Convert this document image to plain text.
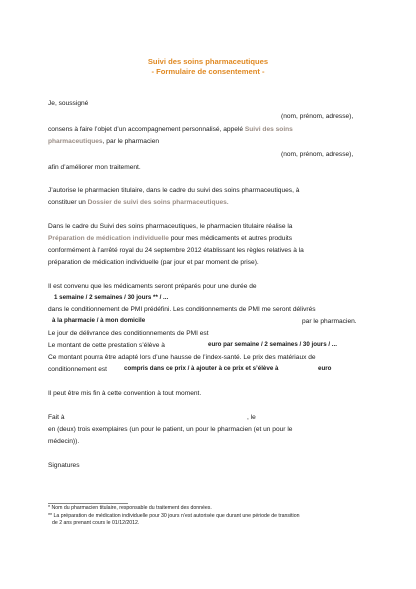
Suivi des soins pharmaceutiques
- Formulaire de consentement -
Je, soussigné
(nom, prénom, adresse),
consens à faire l’objet d’un accompagnement personnalisé, appelé Suivi des soins
pharmaceutiques, par le pharmacien
(nom, prénom, adresse),
afin d’améliorer mon traitement.
J’autorise le pharmacien titulaire, dans le cadre du suivi des soins pharmaceutiques, à
constituer un Dossier de suivi des soins pharmaceutiques.
Dans le cadre du Suivi des soins pharmaceutiques, le pharmacien titulaire réalise la
Préparation de médication individuelle pour mes médicaments et autres produits
conformément à l’arrêté royal du 24 septembre 2012 établissant les règles relatives à la
préparation de médication individuelle (par jour et par moment de prise).
Il est convenu que les médicaments seront préparés pour une durée de
1 semaine / 2 semaines / 30 jours ** / ...
dans le conditionnement de PMI prédéfini. Les conditionnements de PMI me seront délivrés
à la pharmacie / à mon domicile	par le pharmacien.
Le jour de délivrance des conditionnements de PMI est
Le montant de cette prestation s’élève à	euro par semaine / 2 semaines / 30 jours / ...
Ce montant pourra être adapté lors d’une hausse de l’index-santé. Le prix des matériaux de
conditionnement est	compris dans ce prix / à ajouter à ce prix et s’élève à	euro
Il peut être mis fin à cette convention à tout moment.
Fait à	, le
en (deux) trois exemplaires (un pour le patient, un pour le pharmacien (et un pour le
médecin)).
Signatures
* Nom du pharmacien titulaire, responsable du traitement des données.
** La préparation de médication individuelle pour 30 jours n’est autorisée que durant une période de transition
de 2 ans prenant cours le 01/12/2012.
